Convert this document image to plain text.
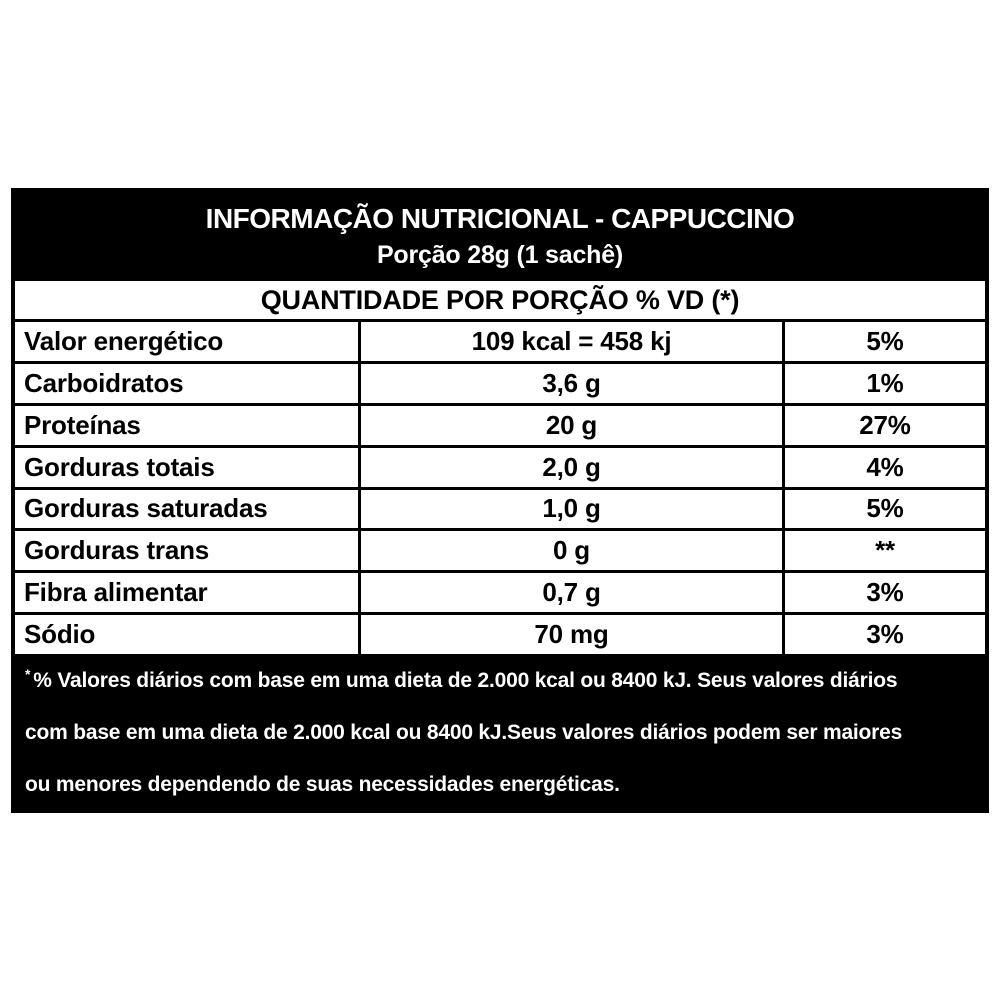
INFORMAÇÃO NUTRICIONAL - CAPPUCCINO
Porção 28g (1 sachê)
QUANTIDADE POR PORÇÃO % VD (*)
Valor energético	109 kcal = 458 kj	5%
Carboidratos	3,6 g	1%
Proteínas	20 g	27%
Gorduras totais	2,0 g	4%
Gorduras saturadas	1,0 g	5%
Gorduras trans	0 g	**
Fibra alimentar	0,7 g	3%
Sódio	70 mg	3%
* % Valores diários com base em uma dieta de 2.000 kcal ou 8400 kJ. Seus valores diários
com base em uma dieta de 2.000 kcal ou 8400 kJ.Seus valores diários podem ser maiores
ou menores dependendo de suas necessidades energéticas.
